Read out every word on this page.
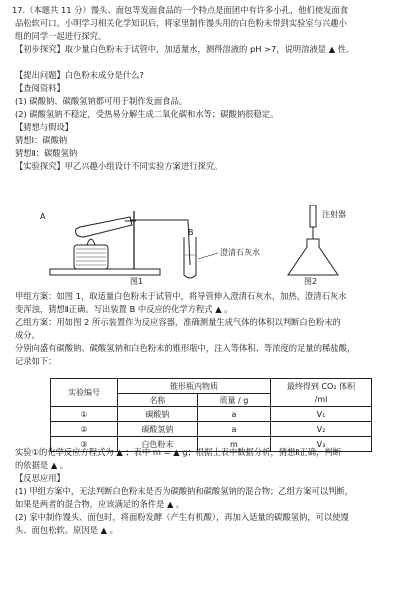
17.（本题共 11 分）馒头、面包等发面食品的一个特点是面团中有许多小孔，他们使发面食
品松软可口。小明学习相关化学知识后，将家里制作馒头用的白色粉末带到实验室与兴趣小
组的同学一起进行探究。
【初步探究】取少量白色粉末于试管中，加适量水，测得溶液的 pH >7，说明溶液显 ▲ 性。
【提出问题】白色粉末成分是什么?
【查阅资料】
(1) 碳酸钠、碳酸氢钠都可用于制作发面食品。
(2) 碳酸氢钠不稳定，受热易分解生成二氧化碳和水等；碳酸钠很稳定。
【猜想与假设】
猜想Ⅰ：碳酸钠
猜想Ⅱ：碳酸氢钠
【实验探究】甲乙兴趣小组设计不同实验方案进行探究。
A
B
澄清石灰水
图1
注射器
图2
甲组方案：如图 1，取适量白色粉末于试管中，将导管伸入澄清石灰水，加热，澄清石灰水
变浑浊，猜想Ⅱ正确。写出装置 B 中反应的化学方程式 ▲ 。
乙组方案：用如图 2 所示装置作为反应容器，准确测量生成气体的体积以判断白色粉末的
成分。
分别向盛有碳酸钠、碳酸氢钠和白色粉末的锥形瓶中，注入等体积、等浓度的足量的稀盐酸，
记录如下：
实验编号	锥形瓶内物质		最终得到 CO₂ 体积
/ml
	名称	质量 / g	
①	碳酸钠	a	V₁
②	碳酸氢钠	a	V₂
③	白色粉末	m	V₃
实验①的化学反应方程式为 ▲ ；表中 m = ▲ g；根据上表中数据分析，猜想Ⅱ正确，判断
的依据是 ▲ 。
【反思应用】
(1) 甲组方案中，无法判断白色粉末是否为碳酸钠和碳酸氢钠的混合物；乙组方案可以判断，
如果是两者的混合物，应该满足的条件是 ▲ 。
(2) 家中制作馒头、面包时，将面粉发酵（产生有机酸），再加入适量的碳酸氢钠，可以使馒
头、面包松软。原因是 ▲ 。
